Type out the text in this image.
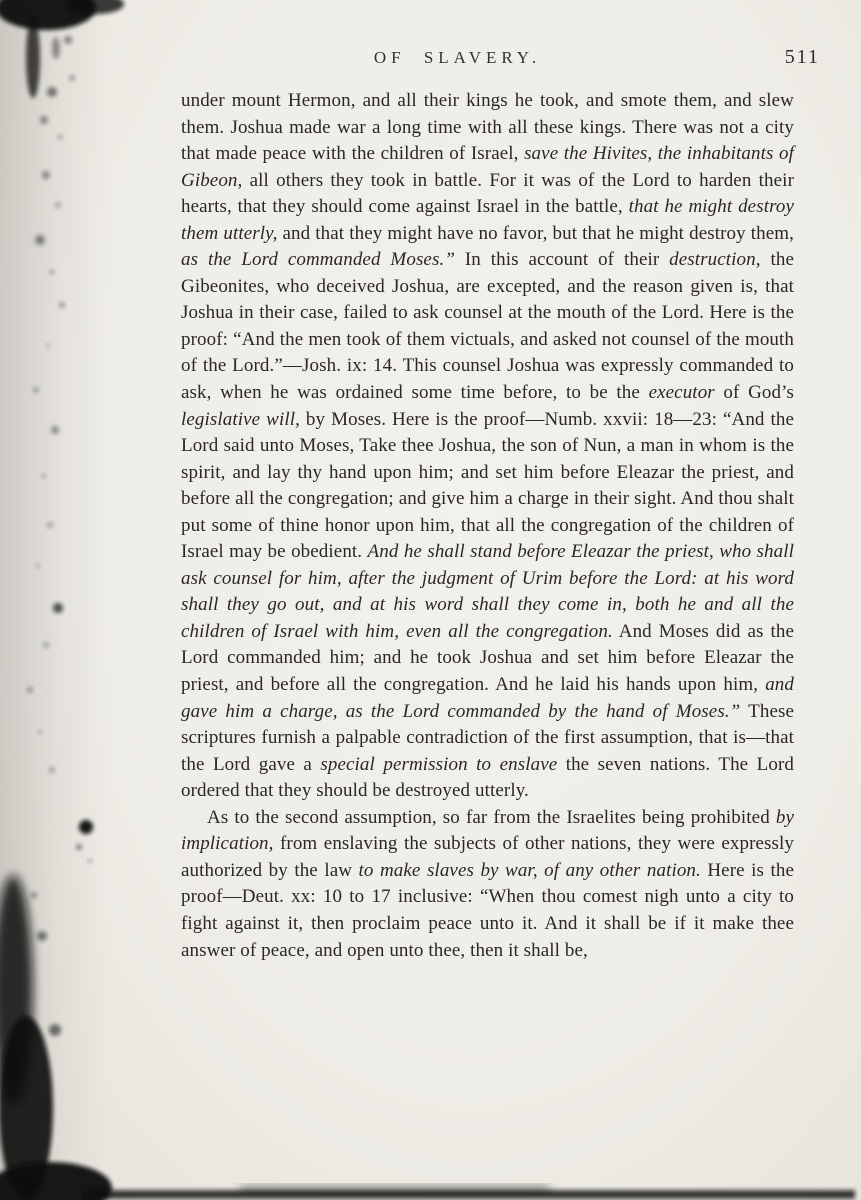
OF SLAVERY.	511

under mount Hermon, and all their kings he took, and smote them, and slew them. Joshua made war a long time with all these kings. There was not a city that made peace with the children of Israel, save the Hivites, the inhabitants of Gibeon, all others they took in battle. For it was of the Lord to harden their hearts, that they should come against Israel in the battle, that he might destroy them utterly, and that they might have no favor, but that he might destroy them, as the Lord commanded Moses.” In this account of their destruction, the Gibeonites, who deceived Joshua, are excepted, and the reason given is, that Joshua in their case, failed to ask counsel at the mouth of the Lord. Here is the proof: “And the men took of them victuals, and asked not counsel of the mouth of the Lord.”—Josh. ix: 14. This counsel Joshua was expressly commanded to ask, when he was ordained some time before, to be the executor of God’s legislative will, by Moses. Here is the proof—Numb. xxvii: 18—23: “And the Lord said unto Moses, Take thee Joshua, the son of Nun, a man in whom is the spirit, and lay thy hand upon him; and set him before Eleazar the priest, and before all the congregation; and give him a charge in their sight. And thou shalt put some of thine honor upon him, that all the congregation of the children of Israel may be obedient. And he shall stand before Eleazar the priest, who shall ask counsel for him, after the judgment of Urim before the Lord: at his word shall they go out, and at his word shall they come in, both he and all the children of Israel with him, even all the congregation. And Moses did as the Lord commanded him; and he took Joshua and set him before Eleazar the priest, and before all the congregation. And he laid his hands upon him, and gave him a charge, as the Lord commanded by the hand of Moses.” These scriptures furnish a palpable contradiction of the first assumption, that is—that the Lord gave a special permission to enslave the seven nations. The Lord ordered that they should be destroyed utterly.

As to the second assumption, so far from the Israelites being prohibited by implication, from enslaving the subjects of other nations, they were expressly authorized by the law to make slaves by war, of any other nation. Here is the proof—Deut. xx: 10 to 17 inclusive: “When thou comest nigh unto a city to fight against it, then proclaim peace unto it. And it shall be if it make thee answer of peace, and open unto thee, then it shall be,
